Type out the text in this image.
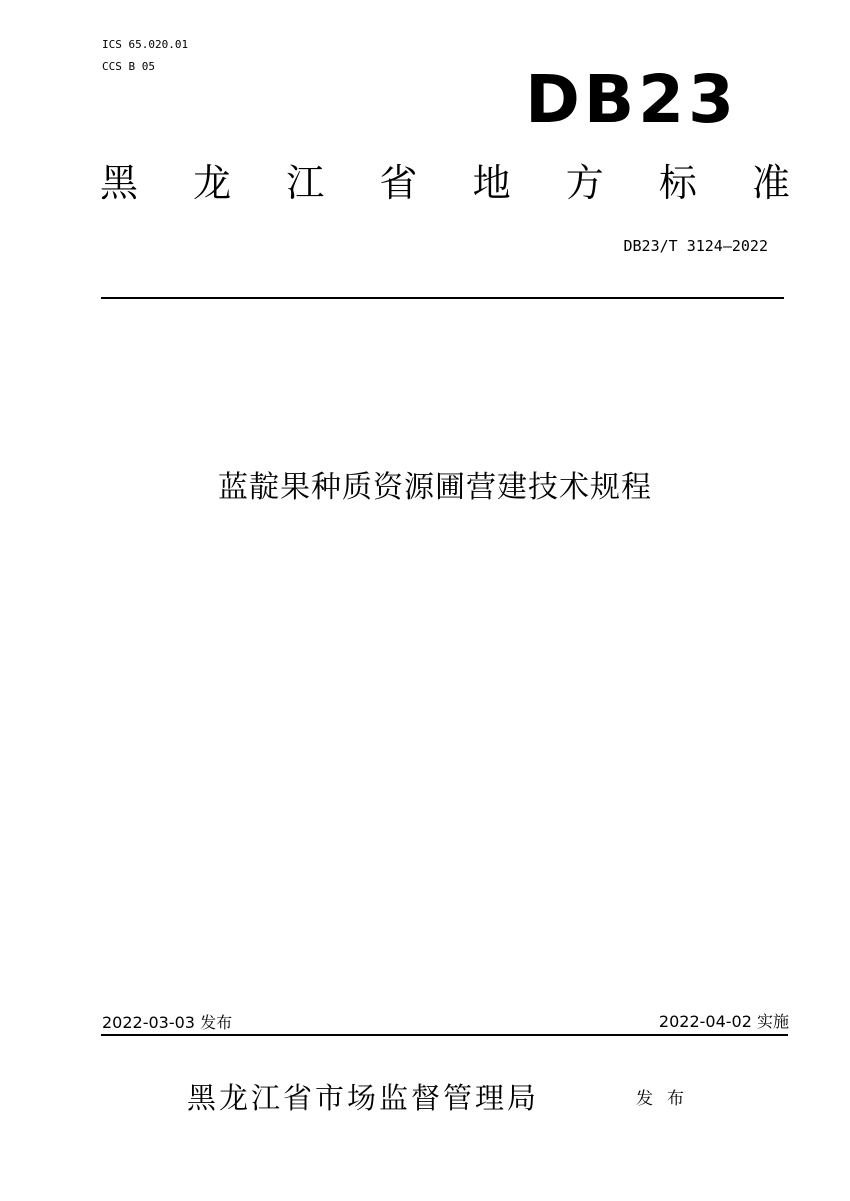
ICS 65.020.01
CCS B 05	DB23
黑 龙 江 省 地 方 标 准
DB23/T 3124—2022
蓝靛果种质资源圃营建技术规程
2022-03-03 发布	2022-04-02 实施
黑龙江省市场监督管理局	发布
